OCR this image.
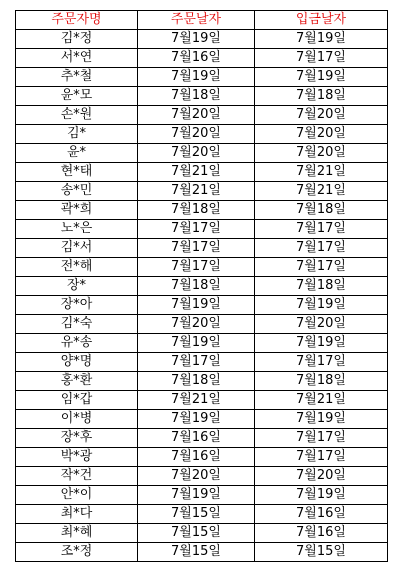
주문자명	주문날자	입금날자
김*정	7월19일	7월19일
서*연	7월16일	7월17일
추*철	7월19일	7월19일
윤*모	7월18일	7월18일
손*원	7월20일	7월20일
김*	7월20일	7월20일
윤*	7월20일	7월20일
현*태	7월21일	7월21일
송*민	7월21일	7월21일
곽*희	7월18일	7월18일
노*은	7월17일	7월17일
김*서	7월17일	7월17일
전*해	7월17일	7월17일
장*	7월18일	7월18일
장*아	7월19일	7월19일
김*숙	7월20일	7월20일
유*송	7월19일	7월19일
양*명	7월17일	7월17일
홍*환	7월18일	7월18일
임*갑	7월21일	7월21일
이*병	7월19일	7월19일
장*후	7월16일	7월17일
박*광	7월16일	7월17일
작*건	7월20일	7월20일
안*이	7월19일	7월19일
최*다	7월15일	7월16일
최*혜	7월15일	7월16일
조*정	7월15일	7월15일
